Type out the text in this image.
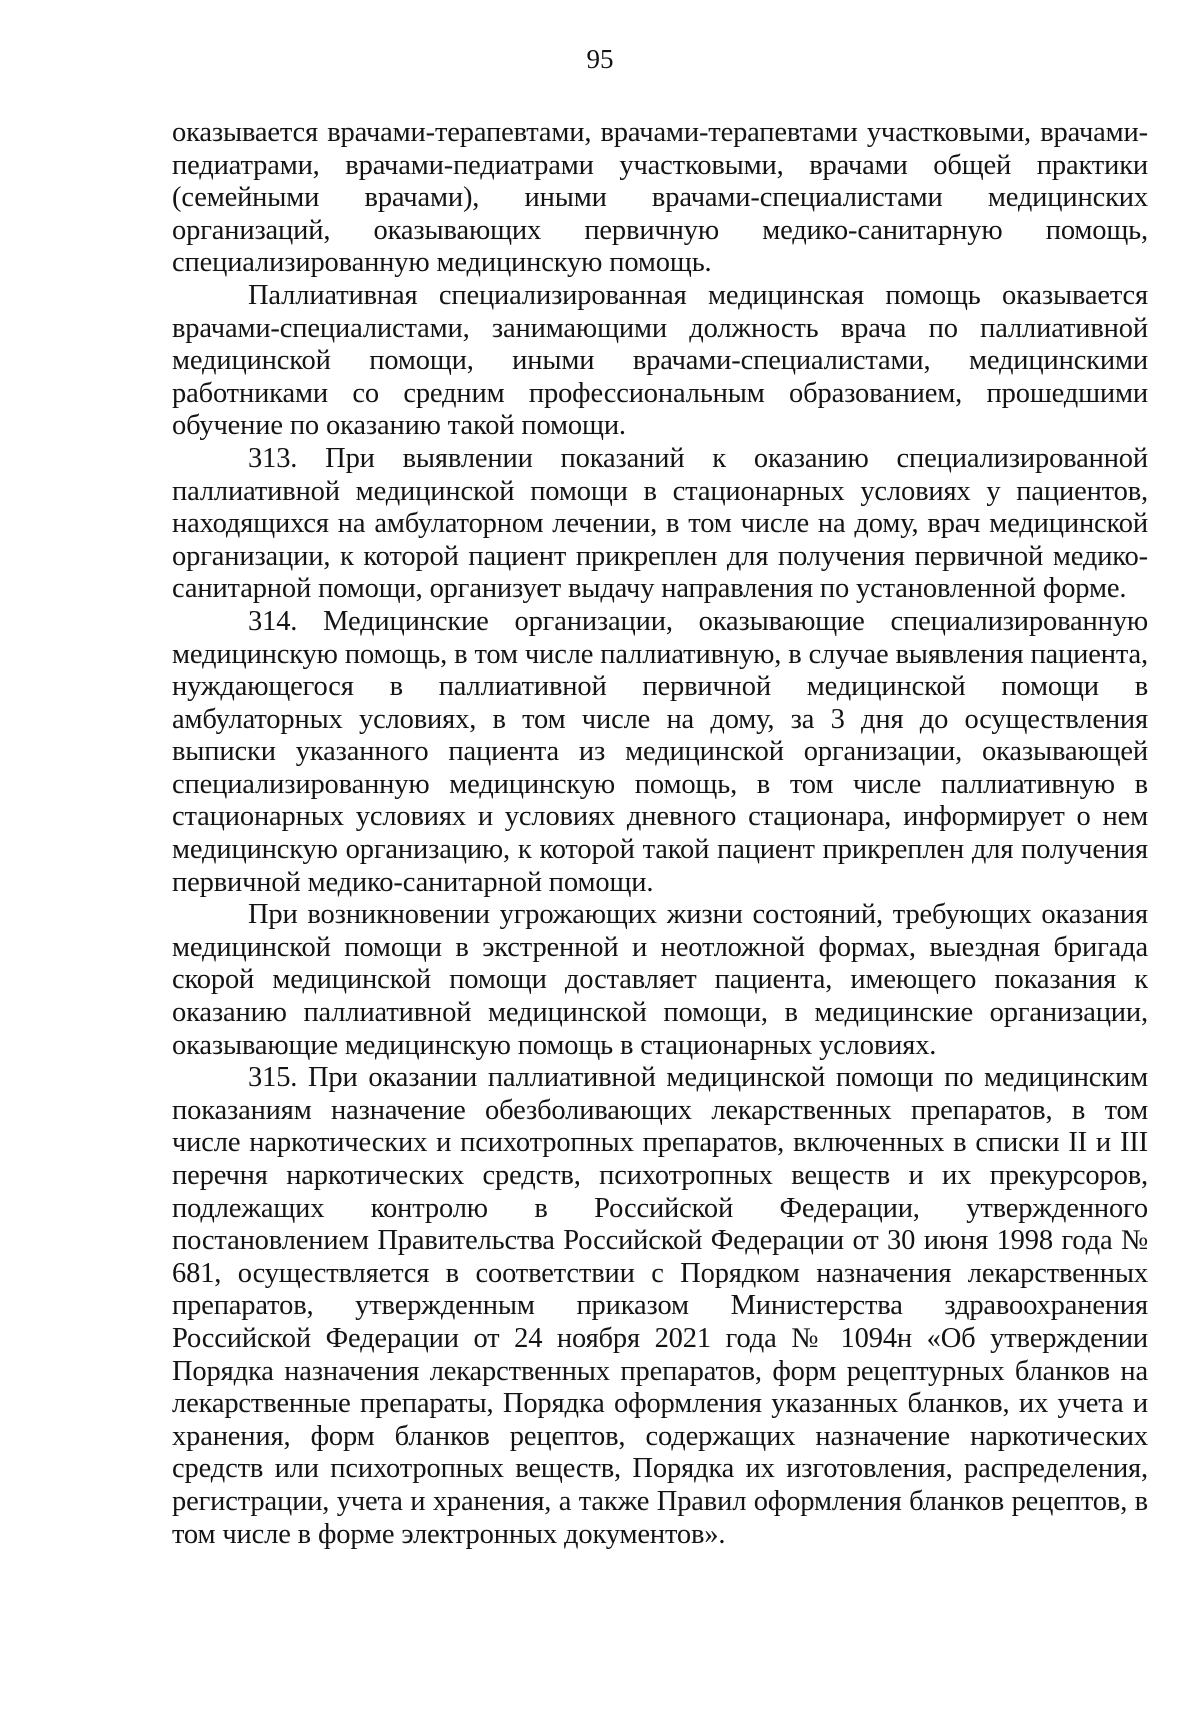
95

оказывается врачами-терапевтами, врачами-терапевтами участковыми, врачами-педиатрами, врачами-педиатрами участковыми, врачами общей практики (семейными врачами), иными врачами-специалистами медицинских организаций, оказывающих первичную медико-санитарную помощь, специализированную медицинскую помощь.

Паллиативная специализированная медицинская помощь оказывается врачами-специалистами, занимающими должность врача по паллиативной медицинской помощи, иными врачами-специалистами, медицинскими работниками со средним профессиональным образованием, прошедшими обучение по оказанию такой помощи.

313. При выявлении показаний к оказанию специализированной паллиативной медицинской помощи в стационарных условиях у пациентов, находящихся на амбулаторном лечении, в том числе на дому, врач медицинской организации, к которой пациент прикреплен для получения первичной медико-санитарной помощи, организует выдачу направления по установленной форме.

314. Медицинские организации, оказывающие специализированную медицинскую помощь, в том числе паллиативную, в случае выявления пациента, нуждающегося в паллиативной первичной медицинской помощи в амбулаторных условиях, в том числе на дому, за 3 дня до осуществления выписки указанного пациента из медицинской организации, оказывающей специализированную медицинскую помощь, в том числе паллиативную в стационарных условиях и условиях дневного стационара, информирует о нем медицинскую организацию, к которой такой пациент прикреплен для получения первичной медико-санитарной помощи.

При возникновении угрожающих жизни состояний, требующих оказания медицинской помощи в экстренной и неотложной формах, выездная бригада скорой медицинской помощи доставляет пациента, имеющего показания к оказанию паллиативной медицинской помощи, в медицинские организации, оказывающие медицинскую помощь в стационарных условиях.

315. При оказании паллиативной медицинской помощи по медицинским показаниям назначение обезболивающих лекарственных препаратов, в том числе наркотических и психотропных препаратов, включенных в списки II и III перечня наркотических средств, психотропных веществ и их прекурсоров, подлежащих контролю в Российской Федерации, утвержденного постановлением Правительства Российской Федерации от 30 июня 1998 года № 681, осуществляется в соответствии с Порядком назначения лекарственных препаратов, утвержденным приказом Министерства здравоохранения Российской Федерации от 24 ноября 2021 года № 1094н «Об утверждении Порядка назначения лекарственных препаратов, форм рецептурных бланков на лекарственные препараты, Порядка оформления указанных бланков, их учета и хранения, форм бланков рецептов, содержащих назначение наркотических средств или психотропных веществ, Порядка их изготовления, распределения, регистрации, учета и хранения, а также Правил оформления бланков рецептов, в том числе в форме электронных документов».
